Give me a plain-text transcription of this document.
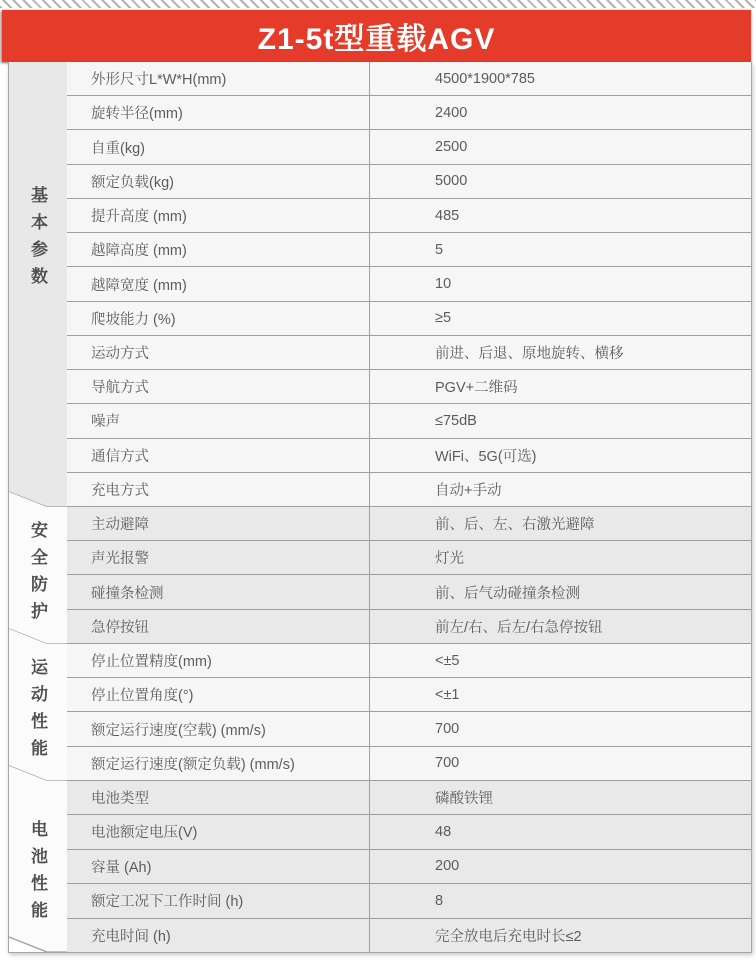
Z1-5t型重载AGV
基本参数
安全防护
运动性能
电池性能
外形尺寸L*W*H(mm)	4500*1900*785
旋转半径(mm)	2400
自重(kg)	2500
额定负载(kg)	5000
提升高度 (mm)	485
越障高度 (mm)	5
越障宽度 (mm)	10
爬坡能力 (%)	≥5
运动方式	前进、后退、原地旋转、横移
导航方式	PGV+二维码
噪声	≤75dB
通信方式	WiFi、5G(可选)
充电方式	自动+手动
主动避障	前、后、左、右激光避障
声光报警	灯光
碰撞条检测	前、后气动碰撞条检测
急停按钮	前左/右、后左/右急停按钮
停止位置精度(mm)	<±5
停止位置角度(°)	<±1
额定运行速度(空载) (mm/s)	700
额定运行速度(额定负载) (mm/s)	700
电池类型	磷酸铁锂
电池额定电压(V)	48
容量 (Ah)	200
额定工况下工作时间 (h)	8
充电时间 (h)	完全放电后充电时长≤2
